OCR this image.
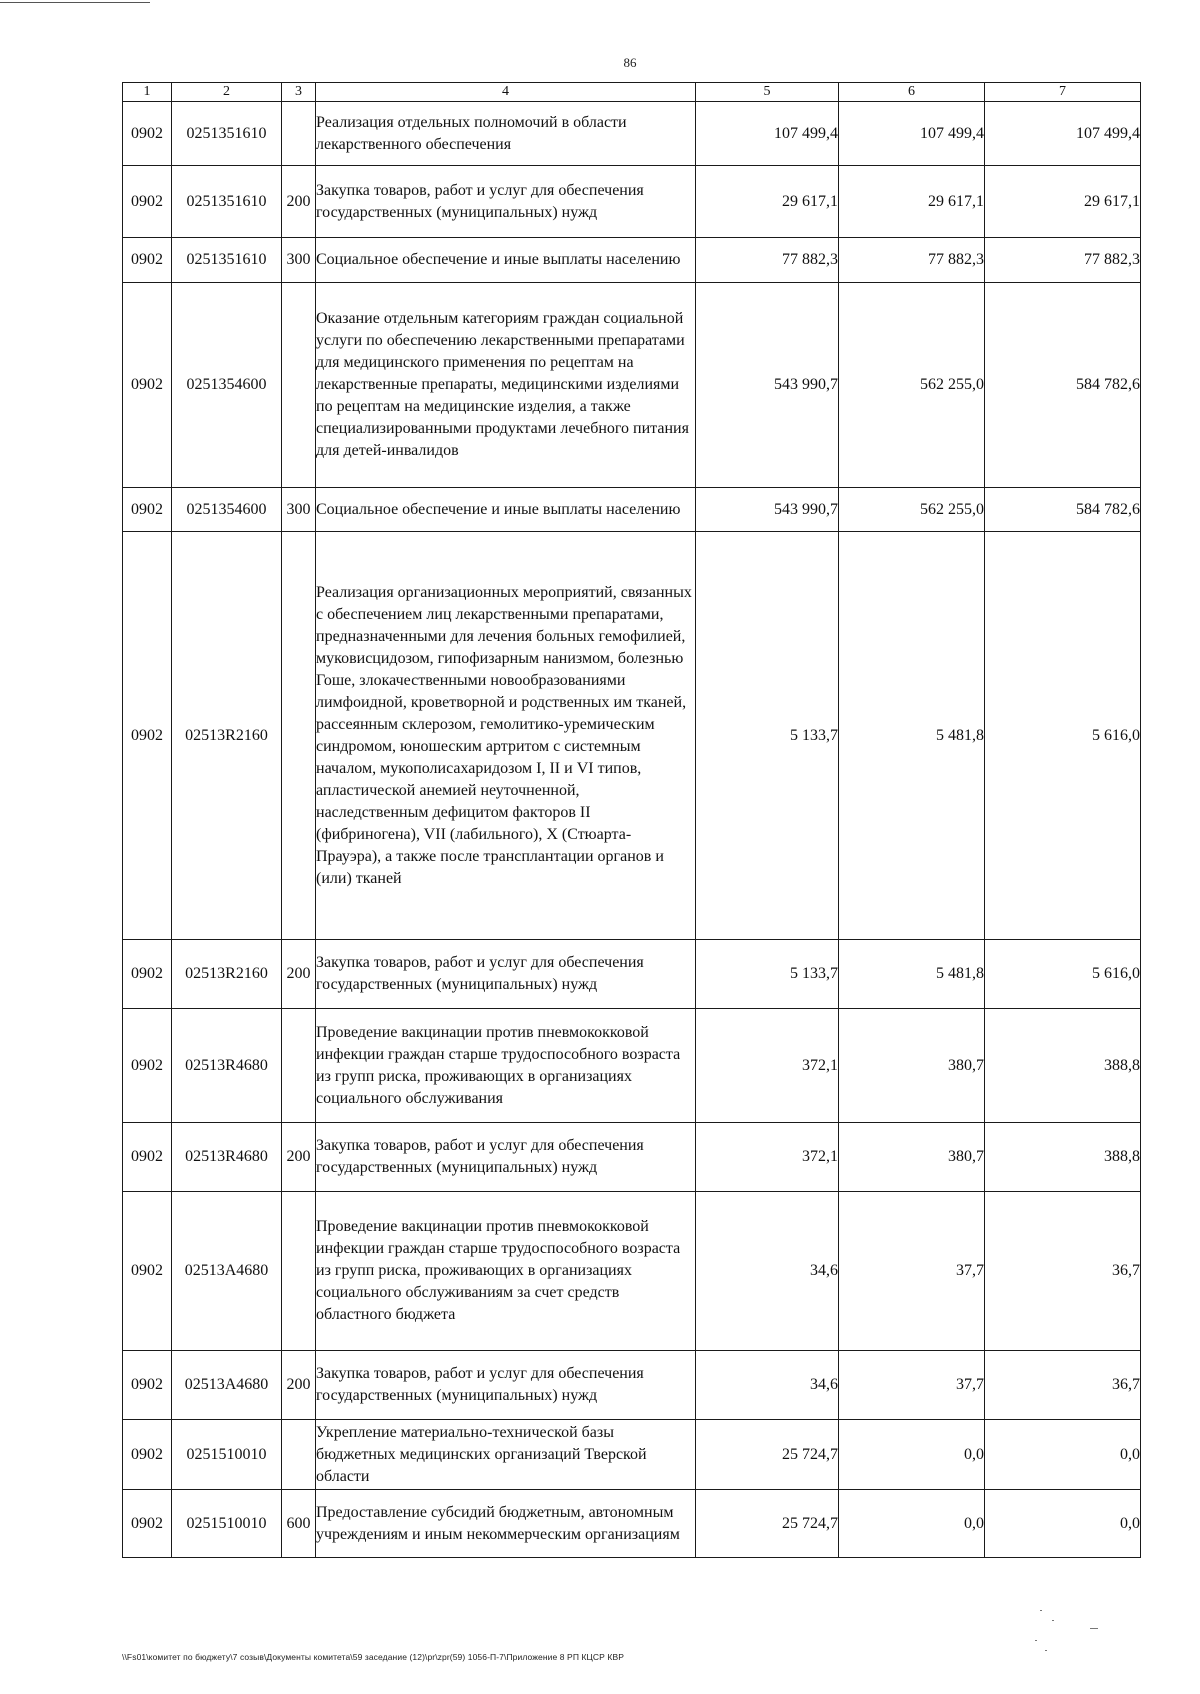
86
1	2	3	4	5	6	7
0902	0251351610		Реализация отдельных полномочий в области лекарственного обеспечения	107 499,4	107 499,4	107 499,4
0902	0251351610	200	Закупка товаров, работ и услуг для обеспечения государственных (муниципальных) нужд	29 617,1	29 617,1	29 617,1
0902	0251351610	300	Социальное обеспечение и иные выплаты населению	77 882,3	77 882,3	77 882,3
0902	0251354600		Оказание отдельным категориям граждан социальной услуги по обеспечению лекарственными препаратами для медицинского применения по рецептам на лекарственные препараты, медицинскими изделиями по рецептам на медицинские изделия, а также специализированными продуктами лечебного питания для детей-инвалидов	543 990,7	562 255,0	584 782,6
0902	0251354600	300	Социальное обеспечение и иные выплаты населению	543 990,7	562 255,0	584 782,6
0902	02513R2160		Реализация организационных мероприятий, связанных с обеспечением лиц лекарственными препаратами, предназначенными для лечения больных гемофилией, муковисцидозом, гипофизарным нанизмом, болезнью Гоше, злокачественными новообразованиями лимфоидной, кроветворной и родственных им тканей, рассеянным склерозом, гемолитико-уремическим синдромом, юношеским артритом с системным началом, мукополисахаридозом I, II и VI типов, апластической анемией неуточненной, наследственным дефицитом факторов II (фибриногена), VII (лабильного), X (Стюарта-Прауэра), а также после трансплантации органов и (или) тканей	5 133,7	5 481,8	5 616,0
0902	02513R2160	200	Закупка товаров, работ и услуг для обеспечения государственных (муниципальных) нужд	5 133,7	5 481,8	5 616,0
0902	02513R4680		Проведение вакцинации против пневмококковой инфекции граждан старше трудоспособного возраста из групп риска, проживающих в организациях социального обслуживания	372,1	380,7	388,8
0902	02513R4680	200	Закупка товаров, работ и услуг для обеспечения государственных (муниципальных) нужд	372,1	380,7	388,8
0902	02513A4680		Проведение вакцинации против пневмококковой инфекции граждан старше трудоспособного возраста из групп риска, проживающих в организациях социального обслуживаниям за счет средств областного бюджета	34,6	37,7	36,7
0902	02513A4680	200	Закупка товаров, работ и услуг для обеспечения государственных (муниципальных) нужд	34,6	37,7	36,7
0902	0251510010		Укрепление материально-технической базы бюджетных медицинских организаций Тверской области	25 724,7	0,0	0,0
0902	0251510010	600	Предоставление субсидий бюджетным, автономным учреждениям и иным некоммерческим организациям	25 724,7	0,0	0,0
\\Fs01\комитет по бюджету\7 созыв\Документы комитета\59 заседание (12)\pr\zpr(59) 1056-П-7\Приложение 8 РП КЦСР КВР
